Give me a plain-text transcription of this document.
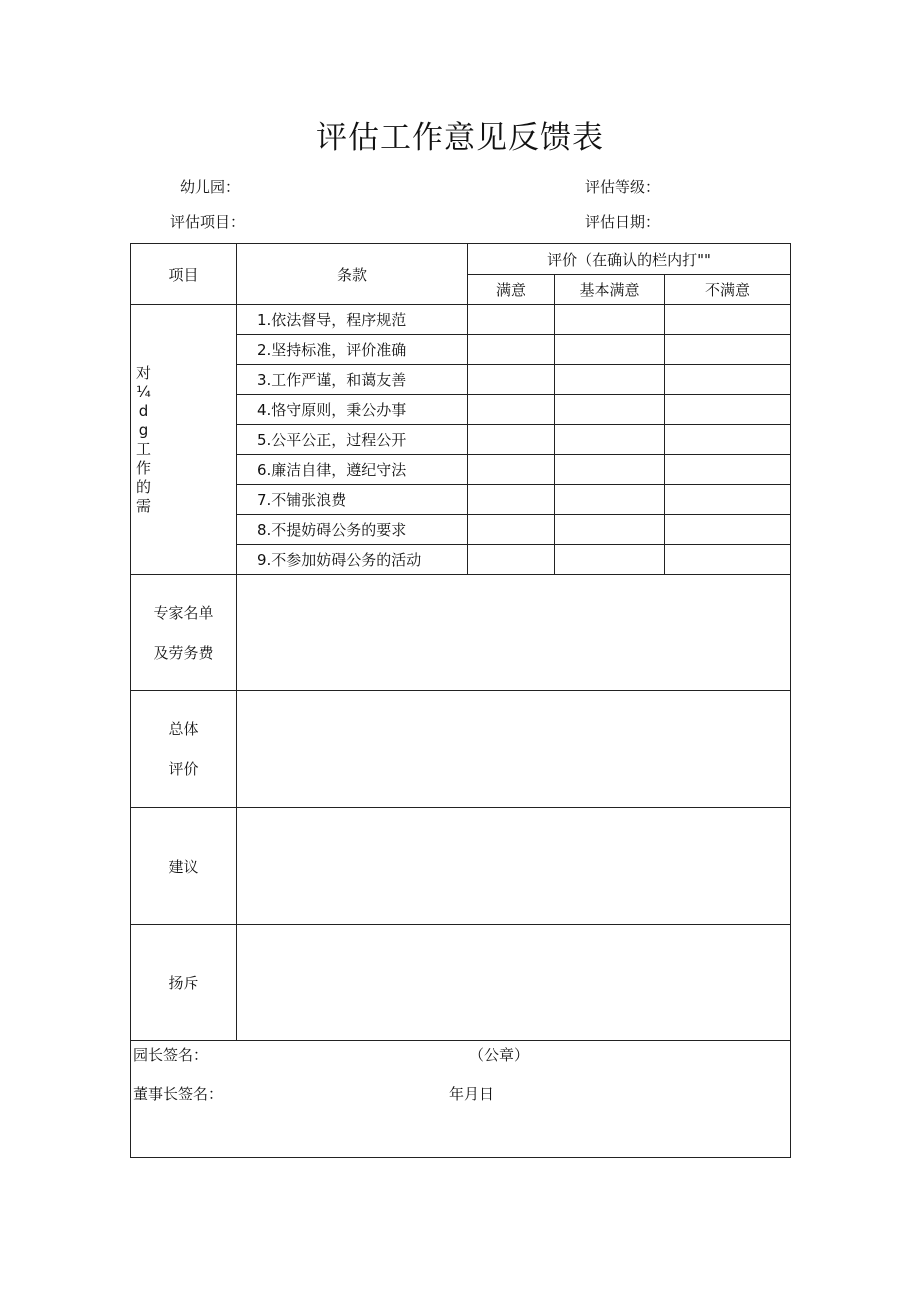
评估工作意见反馈表
幼儿园：	评估等级：
评估项目：	评估日期：
项目	条款	评价（在确认的栏内打""		
		满意	基本满意	不满意
对¼dg工作的需	1.依法督导，程序规范			
	2.坚持标准，评价准确			
	3.工作严谨，和蔼友善			
	4.恪守原则，秉公办事			
	5.公平公正，过程公开			
	6.廉洁自律，遵纪守法			
	7.不铺张浪费			
	8.不提妨碍公务的要求			
	9.不参加妨碍公务的活动			

专家名单
及劳务费				

总体
评价				

建议				
扬斥				

园长签名： （公章）
董事长签名： 年月日				
